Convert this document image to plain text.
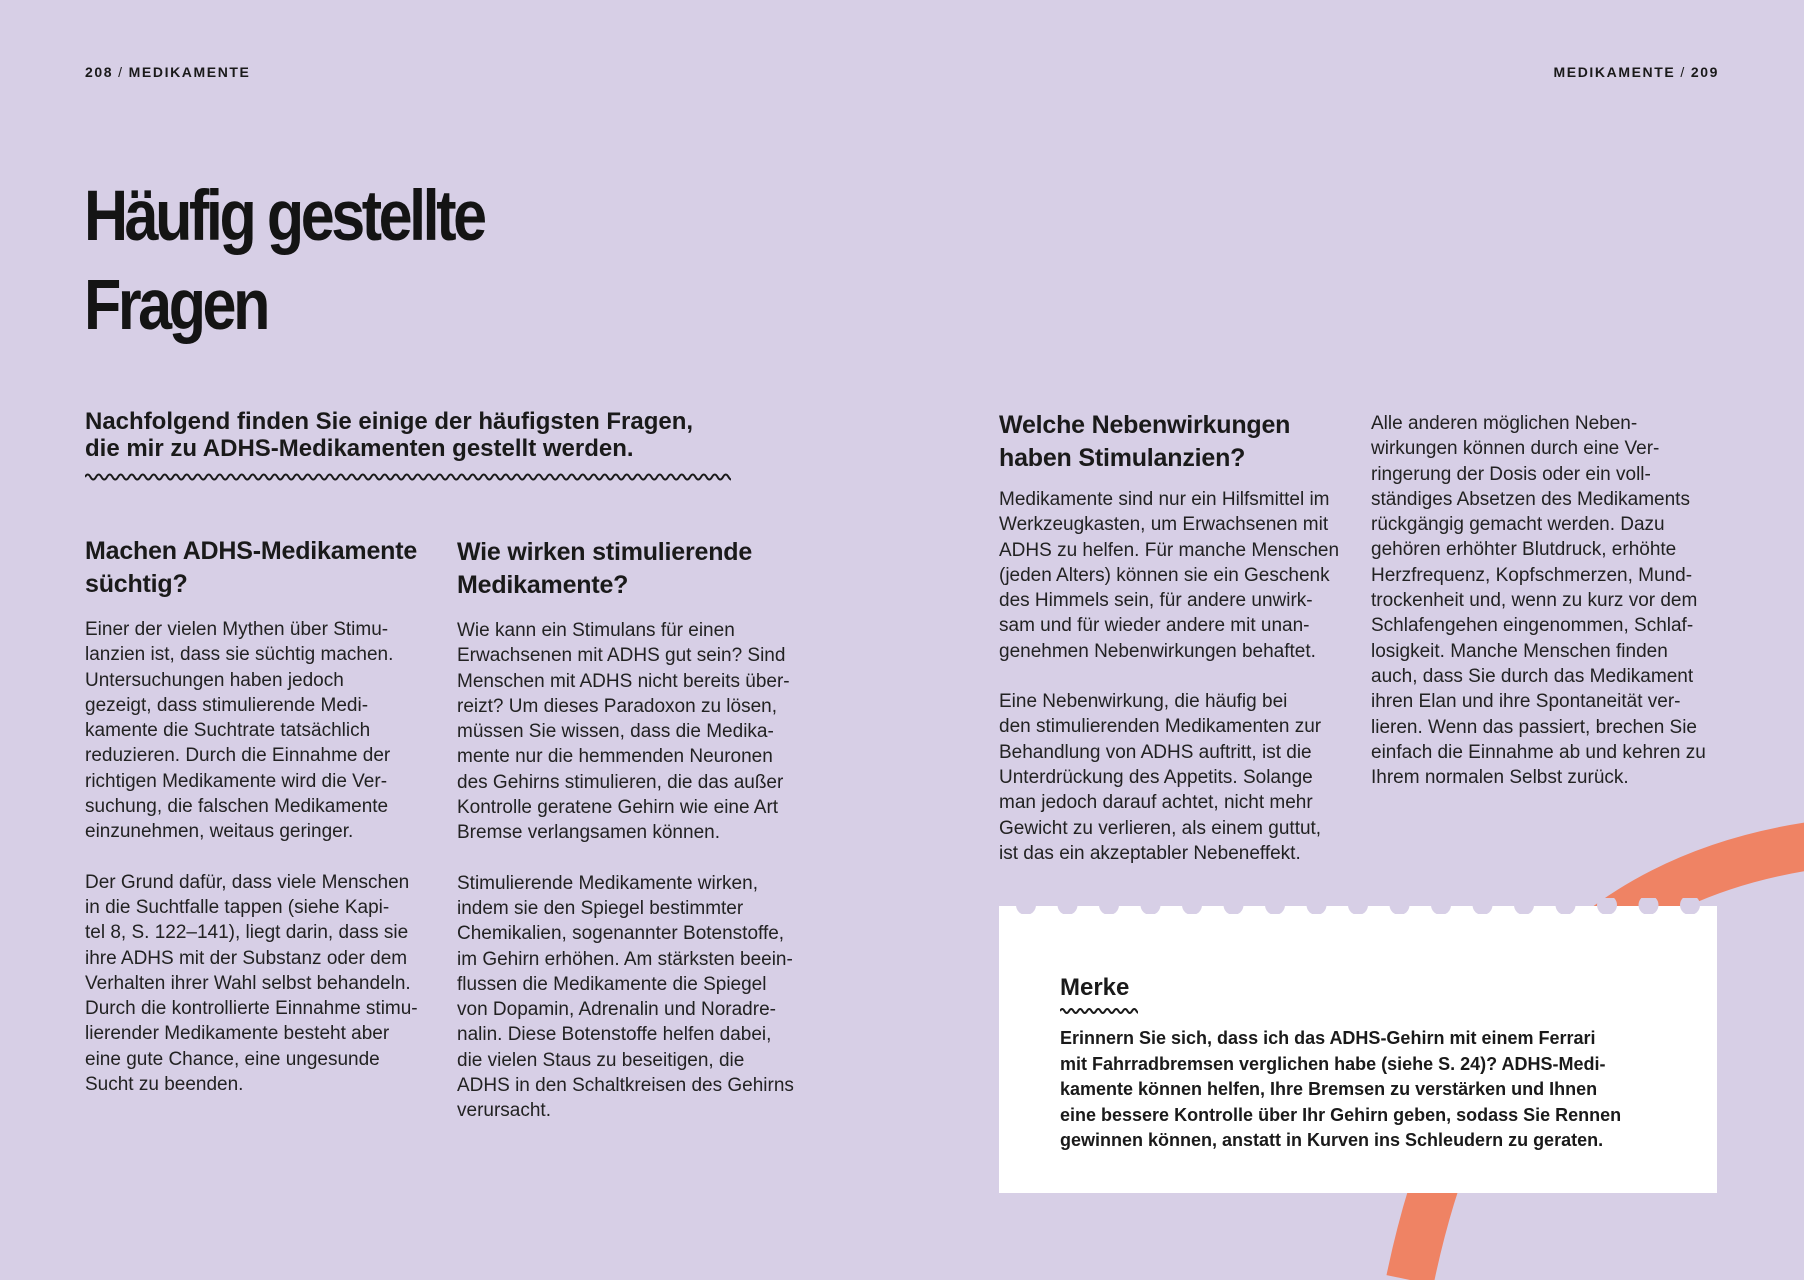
208 / MEDIKAMENTE	MEDIKAMENTE / 209
Häufig gestellte
Fragen

Nachfolgend finden Sie einige der häufigsten Fragen,
die mir zu ADHS-Medikamenten gestellt werden.

Machen ADHS-Medikamente
süchtig?

Einer der vielen Mythen über Stimu-
lanzien ist, dass sie süchtig machen.
Untersuchungen haben jedoch
gezeigt, dass stimulierende Medi-
kamente die Suchtrate tatsächlich
reduzieren. Durch die Einnahme der
richtigen Medikamente wird die Ver-
suchung, die falschen Medikamente
einzunehmen, weitaus geringer.

Der Grund dafür, dass viele Menschen
in die Suchtfalle tappen (siehe Kapi-
tel 8, S. 122–141), liegt darin, dass sie
ihre ADHS mit der Substanz oder dem
Verhalten ihrer Wahl selbst behandeln.
Durch die kontrollierte Einnahme stimu-
lierender Medikamente besteht aber
eine gute Chance, eine ungesunde
Sucht zu beenden.

Wie wirken stimulierende
Medikamente?

Wie kann ein Stimulans für einen
Erwachsenen mit ADHS gut sein? Sind
Menschen mit ADHS nicht bereits über-
reizt? Um dieses Paradoxon zu lösen,
müssen Sie wissen, dass die Medika-
mente nur die hemmenden Neuronen
des Gehirns stimulieren, die das außer
Kontrolle geratene Gehirn wie eine Art
Bremse verlangsamen können.

Stimulierende Medikamente wirken,
indem sie den Spiegel bestimmter
Chemikalien, sogenannter Botenstoffe,
im Gehirn erhöhen. Am stärksten beein-
flussen die Medikamente die Spiegel
von Dopamin, Adrenalin und Noradre-
nalin. Diese Botenstoffe helfen dabei,
die vielen Staus zu beseitigen, die
ADHS in den Schaltkreisen des Gehirns
verursacht.

Welche Nebenwirkungen
haben Stimulanzien?

Medikamente sind nur ein Hilfsmittel im
Werkzeugkasten, um Erwachsenen mit
ADHS zu helfen. Für manche Menschen
(jeden Alters) können sie ein Geschenk
des Himmels sein, für andere unwirk-
sam und für wieder andere mit unan-
genehmen Nebenwirkungen behaftet.

Eine Nebenwirkung, die häufig bei
den stimulierenden Medikamenten zur
Behandlung von ADHS auftritt, ist die
Unterdrückung des Appetits. Solange
man jedoch darauf achtet, nicht mehr
Gewicht zu verlieren, als einem guttut,
ist das ein akzeptabler Nebeneffekt.

Alle anderen möglichen Neben-
wirkungen können durch eine Ver-
ringerung der Dosis oder ein voll-
ständiges Absetzen des Medikaments
rückgängig gemacht werden. Dazu
gehören erhöhter Blutdruck, erhöhte
Herzfrequenz, Kopfschmerzen, Mund-
trockenheit und, wenn zu kurz vor dem
Schlafengehen eingenommen, Schlaf-
losigkeit. Manche Menschen finden
auch, dass Sie durch das Medikament
ihren Elan und ihre Spontaneität ver-
lieren. Wenn das passiert, brechen Sie
einfach die Einnahme ab und kehren zu
Ihrem normalen Selbst zurück.

Merke

Erinnern Sie sich, dass ich das ADHS-Gehirn mit einem Ferrari
mit Fahrradbremsen verglichen habe (siehe S. 24)? ADHS-Medi-
kamente können helfen, Ihre Bremsen zu verstärken und Ihnen
eine bessere Kontrolle über Ihr Gehirn geben, sodass Sie Rennen
gewinnen können, anstatt in Kurven ins Schleudern zu geraten.
